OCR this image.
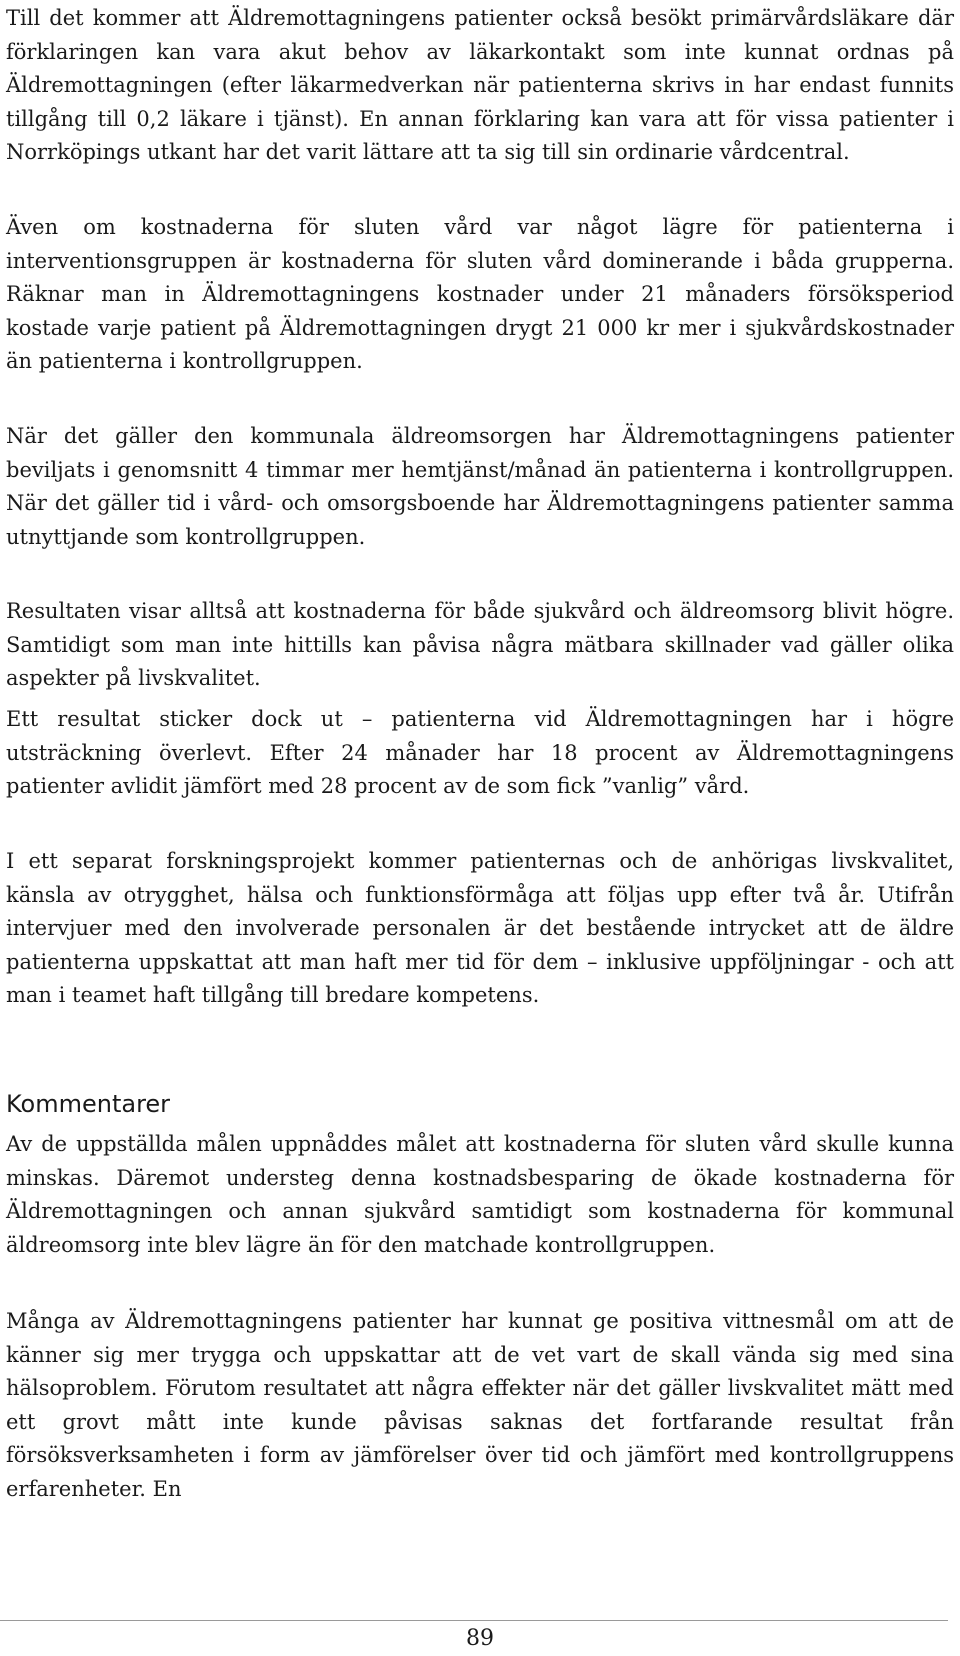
Till det kommer att Äldremottagningens patienter också besökt primärvårdsläkare där förklaringen kan vara akut behov av läkarkontakt som inte kunnat ordnas på Äldremottagningen (efter läkarmedverkan när patienterna skrivs in har endast funnits tillgång till 0,2 läkare i tjänst). En annan förklaring kan vara att för vissa patienter i Norrköpings utkant har det varit lättare att ta sig till sin ordinarie vårdcentral.

Även om kostnaderna för sluten vård var något lägre för patienterna i interventionsgruppen är kostnaderna för sluten vård dominerande i båda grupperna. Räknar man in Äldremottagningens kostnader under 21 månaders försöksperiod kostade varje patient på Äldremottagningen drygt 21 000 kr mer i sjukvårdskostnader än patienterna i kontrollgruppen.

När det gäller den kommunala äldreomsorgen har Äldremottagningens patienter beviljats i genomsnitt 4 timmar mer hemtjänst/månad än patienterna i kontrollgruppen. När det gäller tid i vård- och omsorgsboende har Äldremottagningens patienter samma utnyttjande som kontrollgruppen.

Resultaten visar alltså att kostnaderna för både sjukvård och äldreomsorg blivit högre. Samtidigt som man inte hittills kan påvisa några mätbara skillnader vad gäller olika aspekter på livskvalitet.

Ett resultat sticker dock ut – patienterna vid Äldremottagningen har i högre utsträckning överlevt. Efter 24 månader har 18 procent av Äldremottagningens patienter avlidit jämfört med 28 procent av de som fick ”vanlig” vård.

I ett separat forskningsprojekt kommer patienternas och de anhörigas livskvalitet, känsla av otrygghet, hälsa och funktionsförmåga att följas upp efter två år. Utifrån intervjuer med den involverade personalen är det bestående intrycket att de äldre patienterna uppskattat att man haft mer tid för dem – inklusive uppföljningar - och att man i teamet haft tillgång till bredare kompetens.

Kommentarer

Av de uppställda målen uppnåddes målet att kostnaderna för sluten vård skulle kunna minskas. Däremot understeg denna kostnadsbesparing de ökade kostnaderna för Äldremottagningen och annan sjukvård samtidigt som kostnaderna för kommunal äldreomsorg inte blev lägre än för den matchade kontrollgruppen.

Många av Äldremottagningens patienter har kunnat ge positiva vittnesmål om att de känner sig mer trygga och uppskattar att de vet vart de skall vända sig med sina hälsoproblem. Förutom resultatet att några effekter när det gäller livskvalitet mätt med ett grovt mått inte kunde påvisas saknas det fortfarande resultat från försöksverksamheten i form av jämförelser över tid och jämfört med kontrollgruppens erfarenheter. En

89
